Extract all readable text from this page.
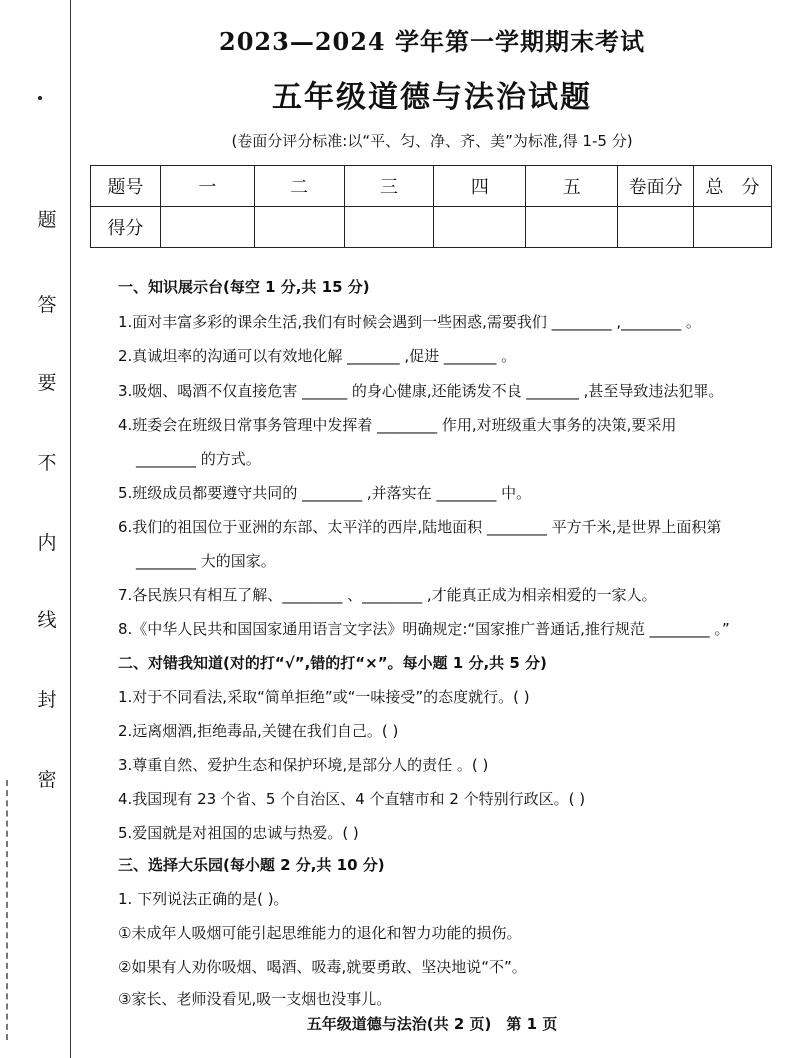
题
答
要
不
内
线
封
密
2023—2024 学年第一学期期末考试
五年级道德与法治试题
(卷面分评分标准:以“平、匀、净、齐、美”为标准,得 1-5 分)
题号	一	二	三	四	五	卷面分	总　分
得分							
一、知识展示台(每空 1 分,共 15 分)
1.面对丰富多彩的课余生活,我们有时候会遇到一些困惑,需要我们 ________ ,________ 。
2.真诚坦率的沟通可以有效地化解 _______ ,促进 _______ 。
3.吸烟、喝酒不仅直接危害 ______ 的身心健康,还能诱发不良 _______ ,甚至导致违法犯罪。
4.班委会在班级日常事务管理中发挥着 ________ 作用,对班级重大事务的决策,要采用
________ 的方式。
5.班级成员都要遵守共同的 ________ ,并落实在 ________ 中。
6.我们的祖国位于亚洲的东部、太平洋的西岸,陆地面积 ________ 平方千米,是世界上面积第
________ 大的国家。
7.各民族只有相互了解、________ 、________ ,才能真正成为相亲相爱的一家人。
8.《中华人民共和国国家通用语言文字法》明确规定:“国家推广普通话,推行规范 ________ 。”
二、对错我知道(对的打“√”,错的打“×”。每小题 1 分,共 5 分)
1.对于不同看法,采取“简单拒绝”或“一味接受”的态度就行。( )
2.远离烟酒,拒绝毒品,关键在我们自己。( )
3.尊重自然、爱护生态和保护环境,是部分人的责任 。( )
4.我国现有 23 个省、5 个自治区、4 个直辖市和 2 个特别行政区。( )
5.爱国就是对祖国的忠诚与热爱。( )
三、选择大乐园(每小题 2 分,共 10 分)
1. 下列说法正确的是( )。
①未成年人吸烟可能引起思维能力的退化和智力功能的损伤。
②如果有人劝你吸烟、喝酒、吸毒,就要勇敢、坚决地说“不”。
③家长、老师没看见,吸一支烟也没事儿。
五年级道德与法治(共 2 页)　第 1 页
